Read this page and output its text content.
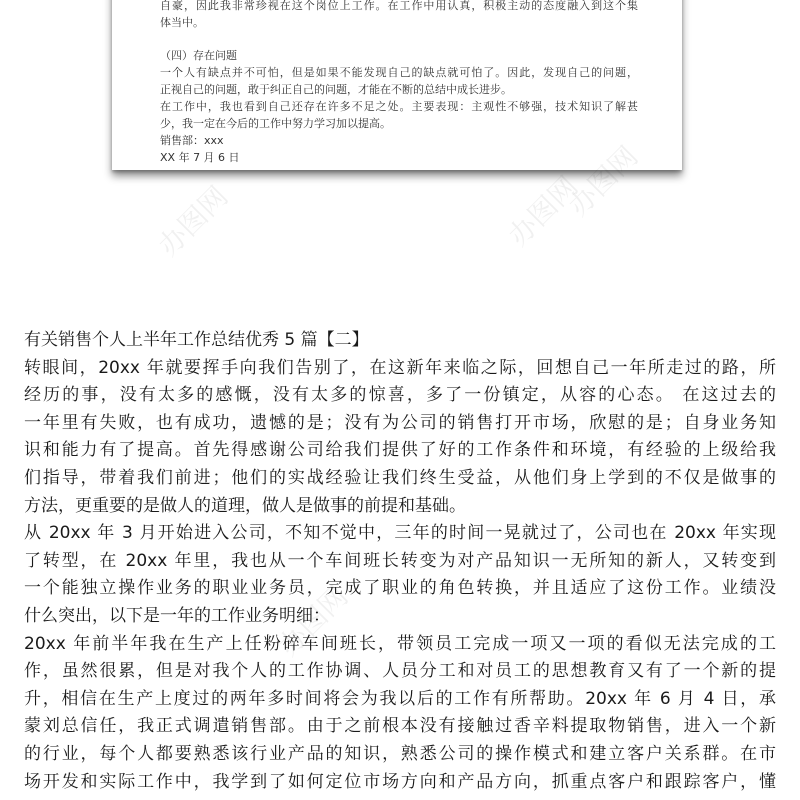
自豪，因此我非常珍视在这个岗位上工作。在工作中用认真，积极主动的态度融入到这个集
体当中。
（四）存在问题
一个人有缺点并不可怕，但是如果不能发现自己的缺点就可怕了。因此，发现自己的问题，
正视自己的问题，敢于纠正自己的问题，才能在不断的总结中成长进步。
在工作中，我也看到自己还存在许多不足之处。主要表现：主观性不够强，技术知识了解甚
少，我一定在今后的工作中努力学习加以提高。
销售部：xxx
XX 年 7 月 6 日
办图网	办图网
办图网
办图网
有关销售个人上半年工作总结优秀 5 篇【二】
转眼间，20xx 年就要挥手向我们告别了，在这新年来临之际，回想自己一年所走过的路，所
经历的事，没有太多的感慨，没有太多的惊喜，多了一份镇定，从容的心态。 在这过去的
一年里有失败，也有成功，遗憾的是；没有为公司的销售打开市场，欣慰的是；自身业务知
识和能力有了提高。首先得感谢公司给我们提供了好的工作条件和环境，有经验的上级给我
们指导，带着我们前进；他们的实战经验让我们终生受益，从他们身上学到的不仅是做事的
方法，更重要的是做人的道理，做人是做事的前提和基础。
从 20xx 年 3 月开始进入公司，不知不觉中，三年的时间一晃就过了，公司也在 20xx 年实现
了转型，在 20xx 年里，我也从一个车间班长转变为对产品知识一无所知的新人，又转变到
一个能独立操作业务的职业业务员，完成了职业的角色转换，并且适应了这份工作。业绩没
什么突出，以下是一年的工作业务明细：
20xx 年前半年我在生产上任粉碎车间班长，带领员工完成一项又一项的看似无法完成的工
作，虽然很累，但是对我个人的工作协调、人员分工和对员工的思想教育又有了一个新的提
升，相信在生产上度过的两年多时间将会为我以后的工作有所帮助。20xx 年 6 月 4 日，承
蒙刘总信任，我正式调遣销售部。由于之前根本没有接触过香辛料提取物销售，进入一个新
的行业，每个人都要熟悉该行业产品的知识，熟悉公司的操作模式和建立客户关系群。在市
场开发和实际工作中，我学到了如何定位市场方向和产品方向，抓重点客户和跟踪客户，懂
